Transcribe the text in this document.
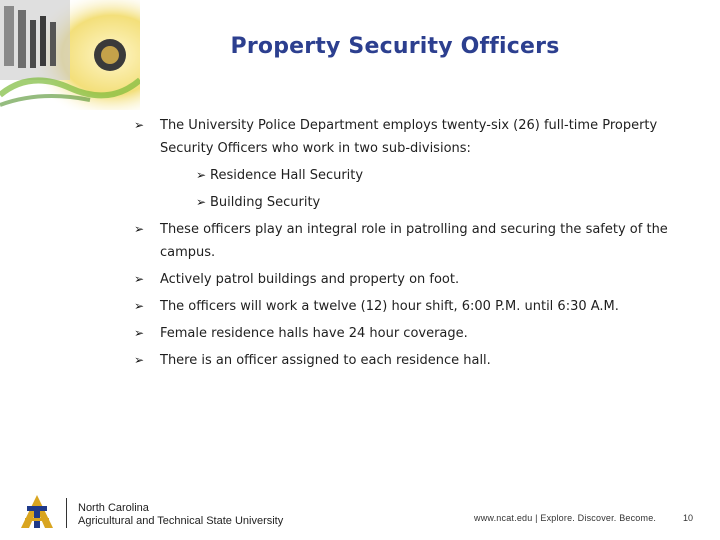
Property Security Officers
➢ The University Police Department employs twenty-six (26) full-time Property Security Officers who work in two sub-divisions:
➢ Residence Hall Security
➢ Building Security
➢ These officers play an integral role in patrolling and securing the safety of the campus.
➢ Actively patrol buildings and property on foot.
➢ The officers will work a twelve (12) hour shift, 6:00 P.M. until 6:30 A.M.
➢ Female residence halls have 24 hour coverage.
➢ There is an officer assigned to each residence hall.
North Carolina
Agricultural and Technical State University	www.ncat.edu | Explore. Discover. Become.	10
